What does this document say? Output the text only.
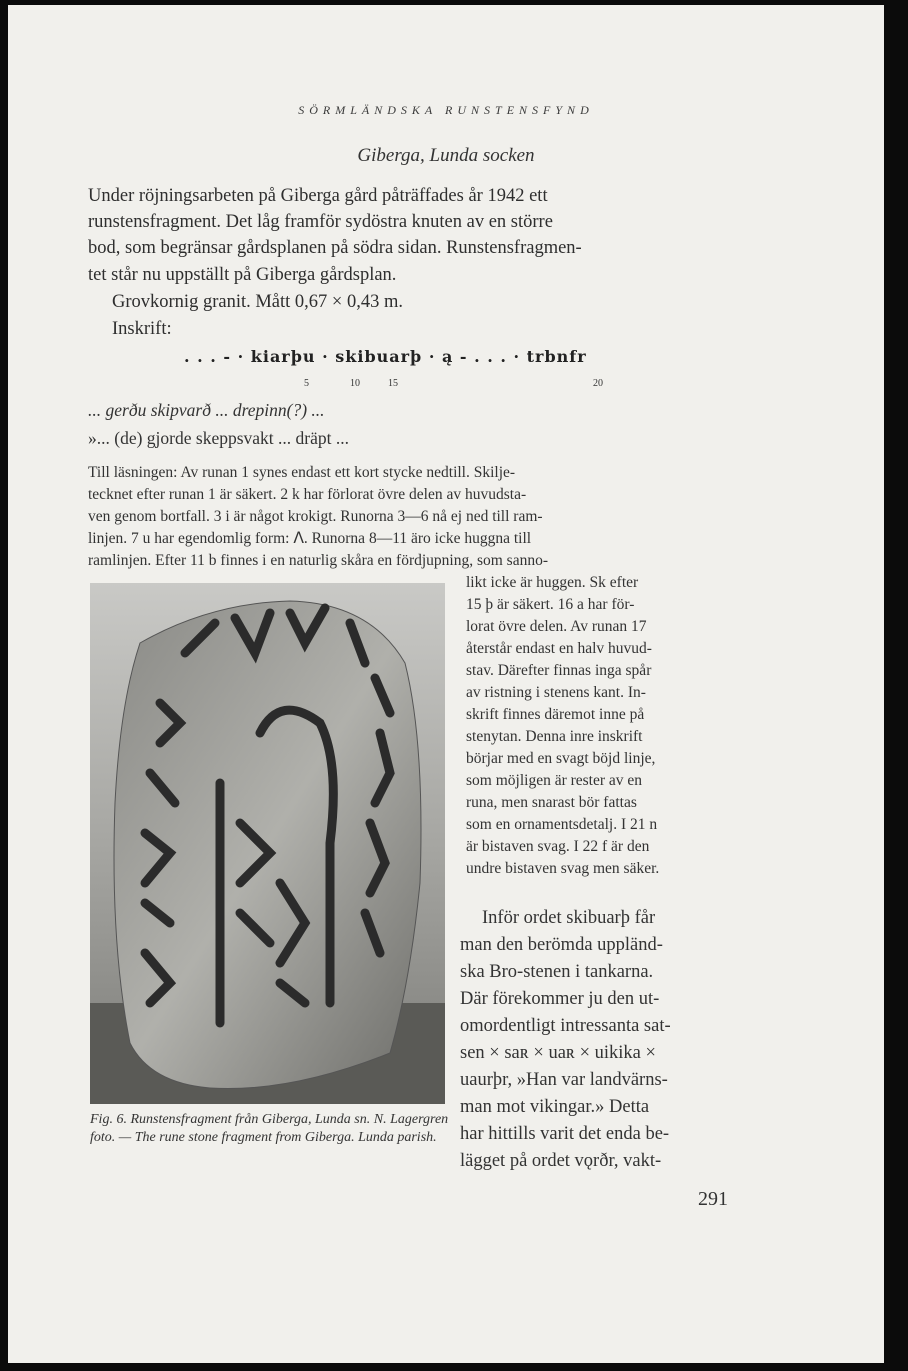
SÖRMLÄNDSKA RUNSTENSFYND
Giberga, Lunda socken
Under röjningsarbeten på Giberga gård påträffades år 1942 ett
runstensfragment. Det låg framför sydöstra knuten av en större
bod, som begränsar gårdsplanen på södra sidan. Runstensfragmen-
tet står nu uppställt på Giberga gårdsplan.
Grovkornig granit. Mått 0,67 × 0,43 m.
Inskrift:
. . . - · kiarþu · skibuarþ · ą - . . . · trbnfr
5	10	15	20
... gerðu skipvarð ... drepinn(?) ...
»... (de) gjorde skeppsvakt ... dräpt ...
Till läsningen: Av runan 1 synes endast ett kort stycke nedtill. Skilje-
tecknet efter runan 1 är säkert. 2 k har förlorat övre delen av huvudsta-
ven genom bortfall. 3 i är något krokigt. Runorna 3—6 nå ej ned till ram-
linjen. 7 u har egendomlig form: ᐱ. Runorna 8—11 äro icke huggna till
ramlinjen. Efter 11 b finnes i en naturlig skåra en fördjupning, som sanno-
likt icke är huggen. Sk efter
15 þ är säkert. 16 a har för-
lorat övre delen. Av runan 17
återstår endast en halv huvud-
stav. Därefter finnas inga spår
av ristning i stenens kant. In-
skrift finnes däremot inne på
stenytan. Denna inre inskrift
börjar med en svagt böjd linje,
som möjligen är rester av en
runa, men snarast bör fattas
som en ornamentsdetalj. I 21 n
är bistaven svag. I 22 f är den
undre bistaven svag men säker.
Inför ordet skibuarþ får
man den berömda uppländ-
ska Bro-stenen i tankarna.
Där förekommer ju den ut-
omordentligt intressanta sat-
sen × saʀ × uaʀ × uikika ×
uaurþr, »Han var landvärns-
man mot vikingar.» Detta
har hittills varit det enda be-
lägget på ordet vǫrðr, vakt-
Fig. 6. Runstensfragment från Giberga, Lunda sn. N. Lagergren foto. — The rune stone fragment from Giberga. Lunda parish.
291
